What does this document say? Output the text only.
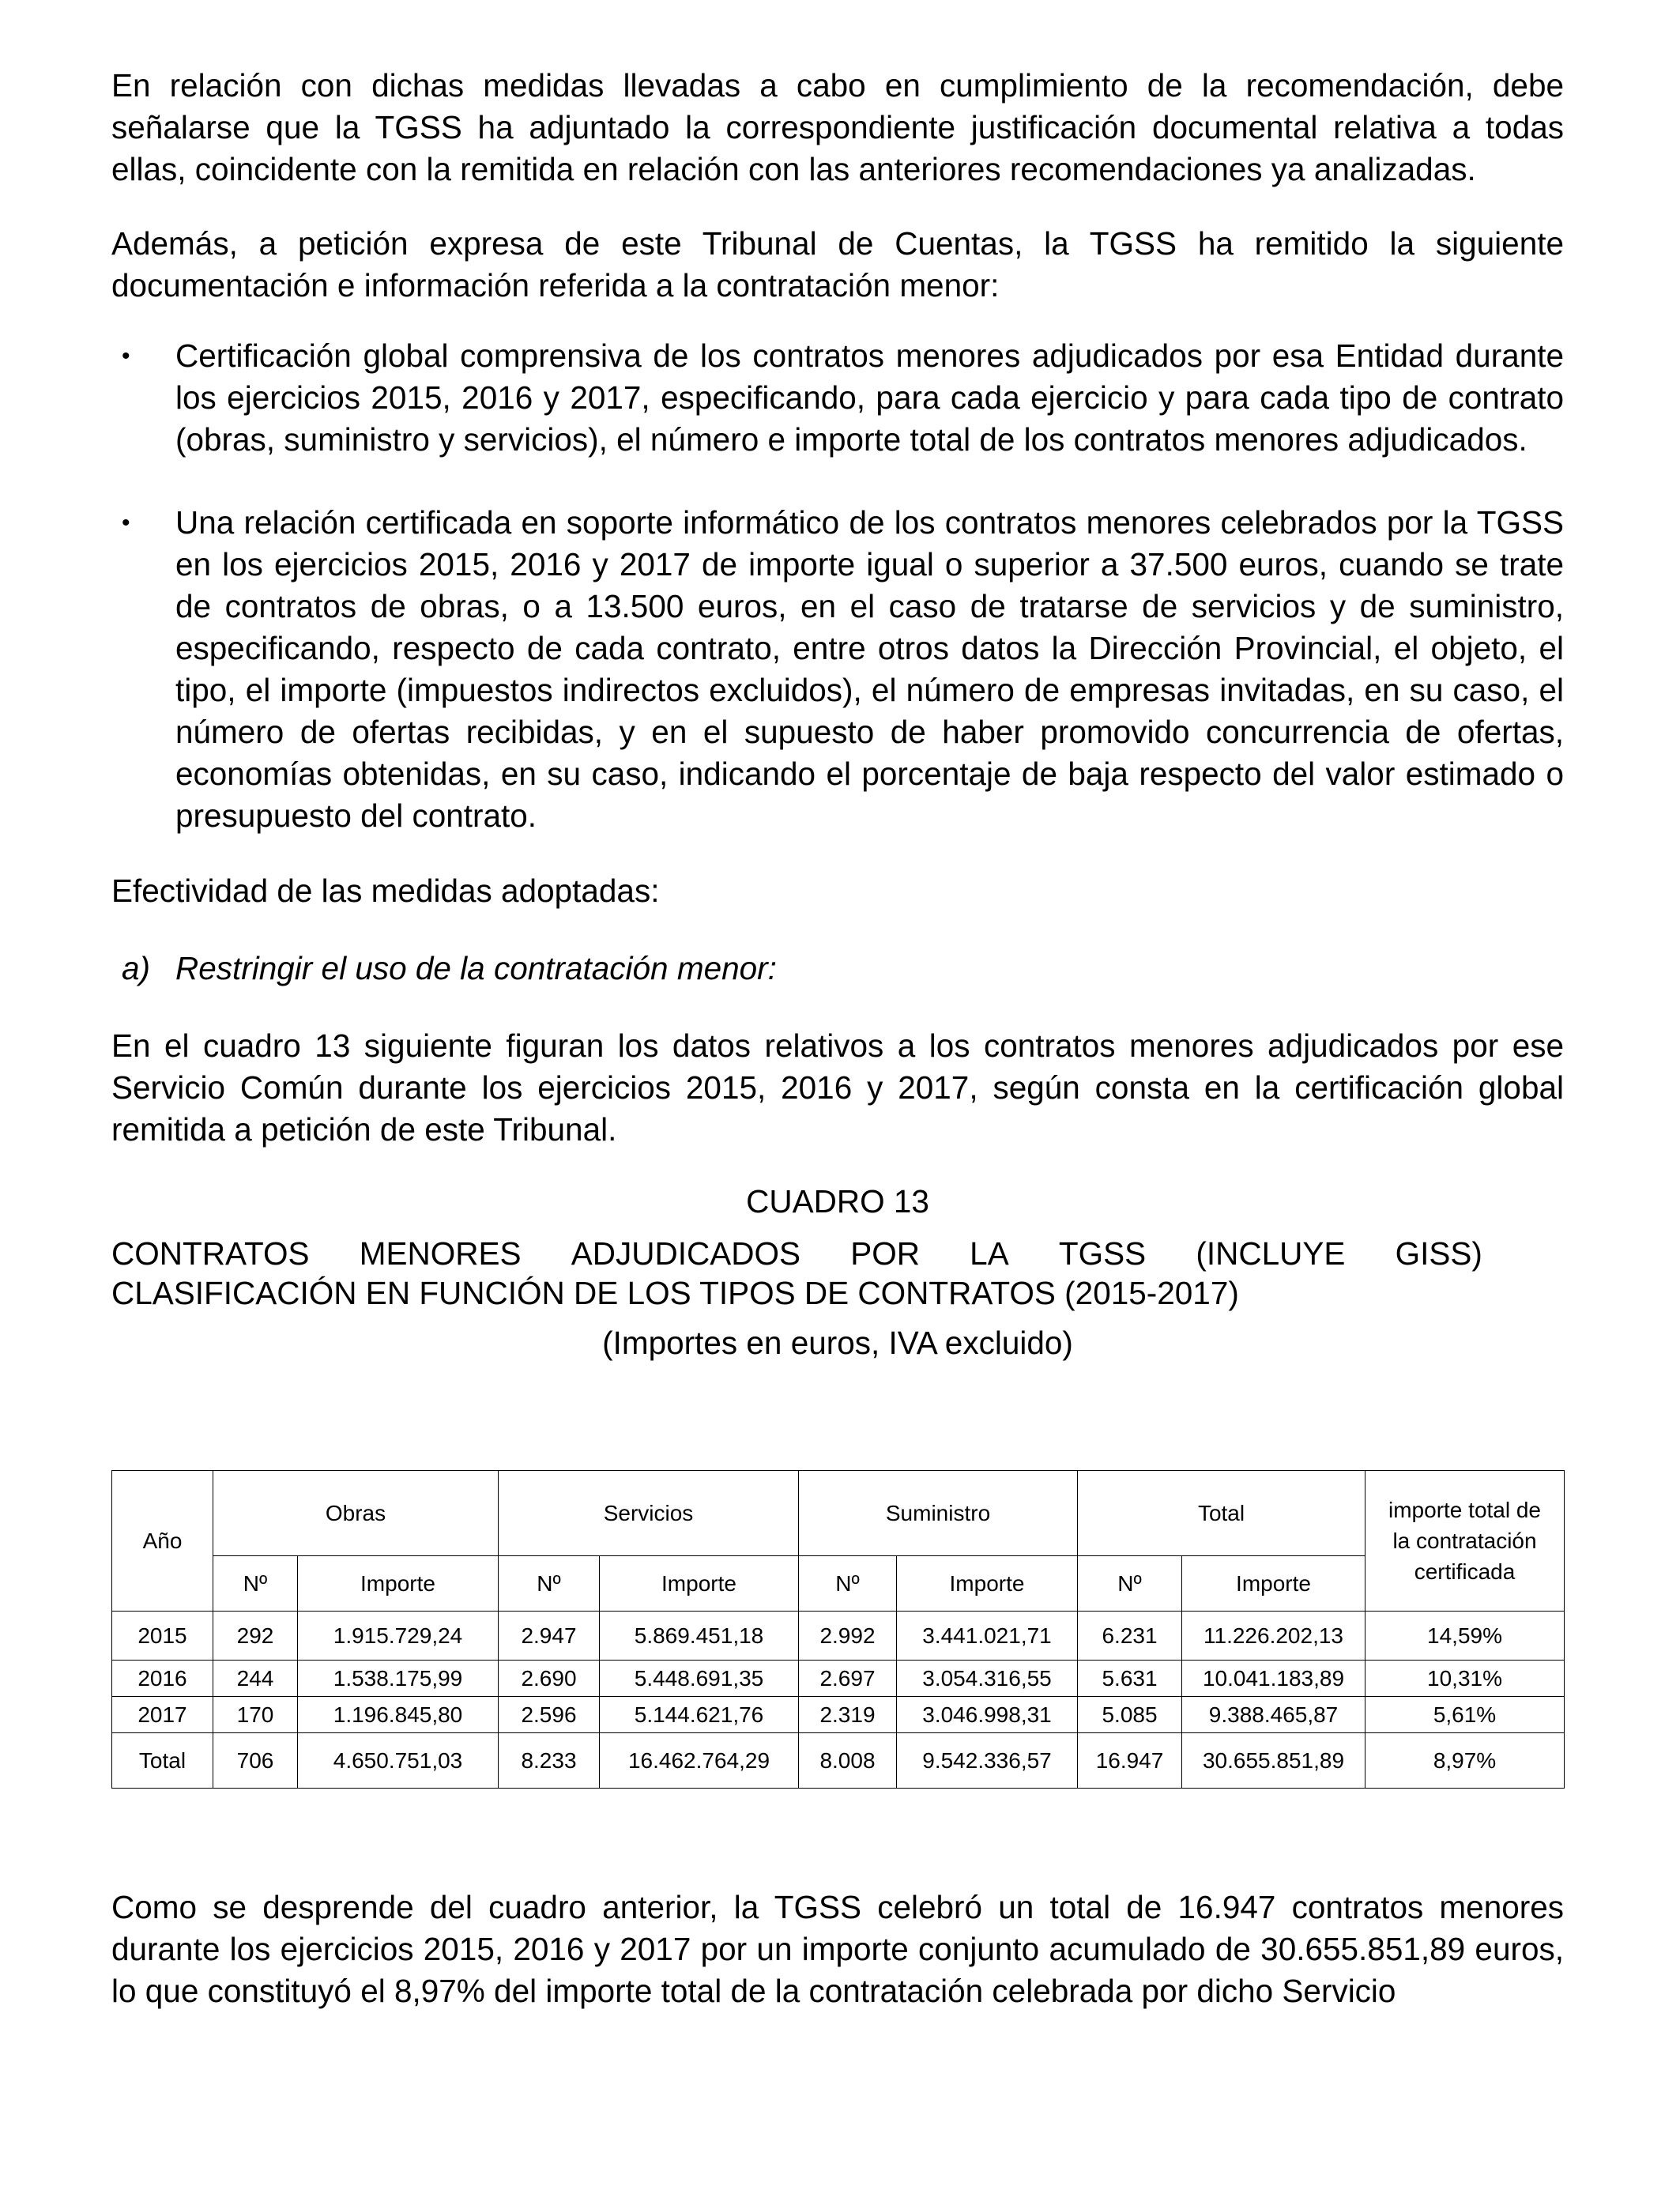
En relación con dichas medidas llevadas a cabo en cumplimiento de la recomendación, debe señalarse que la TGSS ha adjuntado la correspondiente justificación documental relativa a todas ellas, coincidente con la remitida en relación con las anteriores recomendaciones ya analizadas.

Además, a petición expresa de este Tribunal de Cuentas, la TGSS ha remitido la siguiente documentación e información referida a la contratación menor:

• Certificación global comprensiva de los contratos menores adjudicados por esa Entidad durante los ejercicios 2015, 2016 y 2017, especificando, para cada ejercicio y para cada tipo de contrato (obras, suministro y servicios), el número e importe total de los contratos menores adjudicados.
• Una relación certificada en soporte informático de los contratos menores celebrados por la TGSS en los ejercicios 2015, 2016 y 2017 de importe igual o superior a 37.500 euros, cuando se trate de contratos de obras, o a 13.500 euros, en el caso de tratarse de servicios y de suministro, especificando, respecto de cada contrato, entre otros datos la Dirección Provincial, el objeto, el tipo, el importe (impuestos indirectos excluidos), el número de empresas invitadas, en su caso, el número de ofertas recibidas, y en el supuesto de haber promovido concurrencia de ofertas, economías obtenidas, en su caso, indicando el porcentaje de baja respecto del valor estimado o presupuesto del contrato.

Efectividad de las medidas adoptadas:

a) Restringir el uso de la contratación menor:

En el cuadro 13 siguiente figuran los datos relativos a los contratos menores adjudicados por ese Servicio Común durante los ejercicios 2015, 2016 y 2017, según consta en la certificación global remitida a petición de este Tribunal.

CUADRO 13
CONTRATOS MENORES ADJUDICADOS POR LA TGSS (INCLUYE GISS)
CLASIFICACIÓN EN FUNCIÓN DE LOS TIPOS DE CONTRATOS (2015-2017)
(Importes en euros, IVA excluido)
Año	Obras		Servicios		Suministro		Total		importe total de la contratación certificada
	Nº	Importe	Nº	Importe	Nº	Importe	Nº	Importe	
2015	292	1.915.729,24	2.947	5.869.451,18	2.992	3.441.021,71	6.231	11.226.202,13	14,59%
2016	244	1.538.175,99	2.690	5.448.691,35	2.697	3.054.316,55	5.631	10.041.183,89	10,31%
2017	170	1.196.845,80	2.596	5.144.621,76	2.319	3.046.998,31	5.085	9.388.465,87	5,61%
Total	706	4.650.751,03	8.233	16.462.764,29	8.008	9.542.336,57	16.947	30.655.851,89	8,97%

Como se desprende del cuadro anterior, la TGSS celebró un total de 16.947 contratos menores durante los ejercicios 2015, 2016 y 2017 por un importe conjunto acumulado de 30.655.851,89 euros, lo que constituyó el 8,97% del importe total de la contratación celebrada por dicho Servicio
